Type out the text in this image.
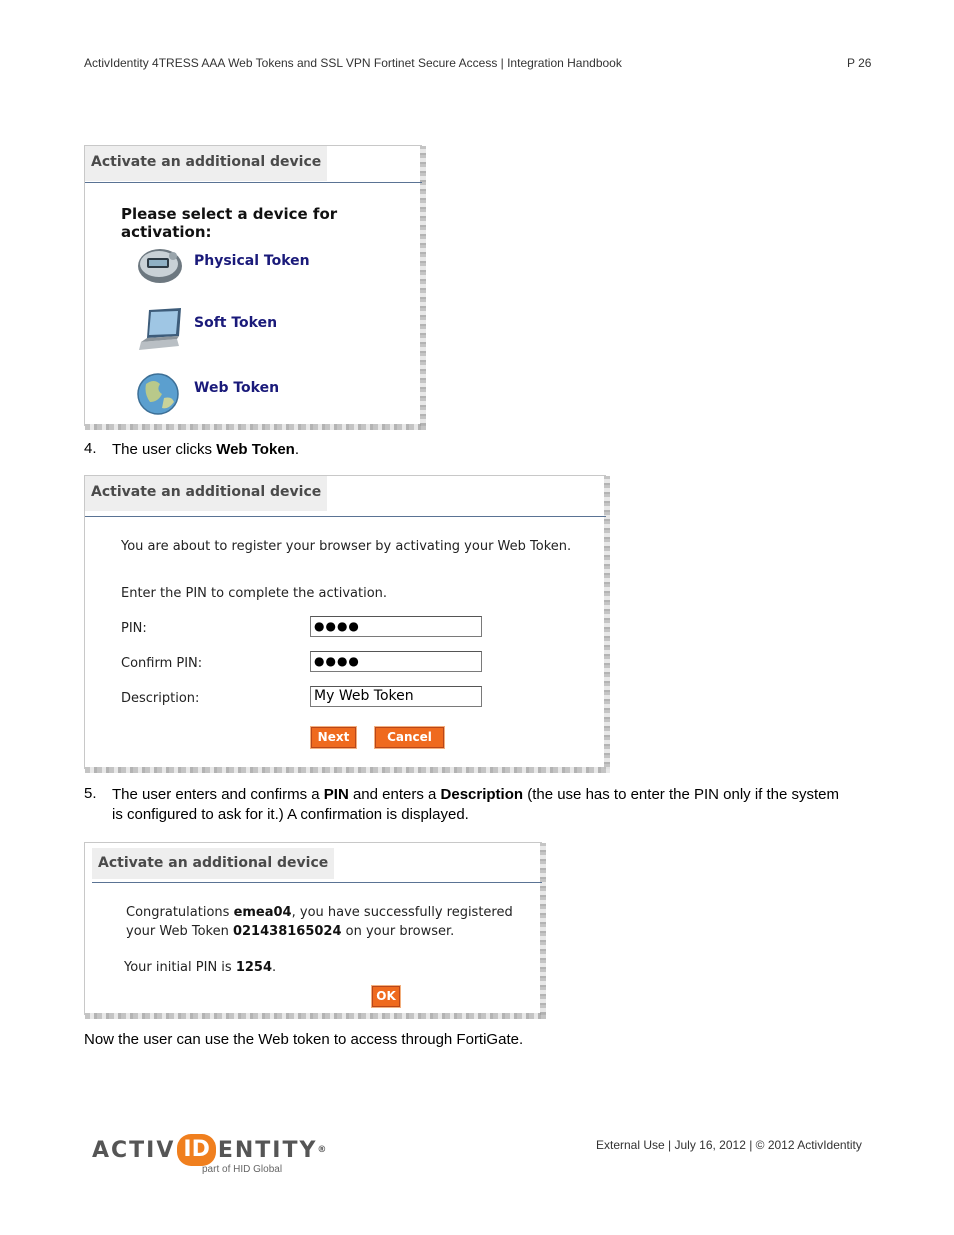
ActivIdentity 4TRESS AAA Web Tokens and SSL VPN Fortinet Secure Access | Integration Handbook	P 26
Activate an additional device
Please select a device for activation:
Physical Token
Soft Token
Web Token
4. The user clicks Web Token.
Activate an additional device
You are about to register your browser by activating your Web Token.
Enter the PIN to complete the activation.
PIN:	●●●●
Confirm PIN:	●●●●
Description:	My Web Token
Next	Cancel
5. The user enters and confirms a PIN and enters a Description (the use has to enter the PIN only if the system
is configured to ask for it.) A confirmation is displayed.
Activate an additional device
Congratulations emea04, you have successfully registered
your Web Token 021438165024 on your browser.
Your initial PIN is 1254.
OK
Now the user can use the Web token to access through FortiGate.
External Use | July 16, 2012 | © 2012 ActivIdentity
ACTIV ID ENTITY ®
part of HID Global
